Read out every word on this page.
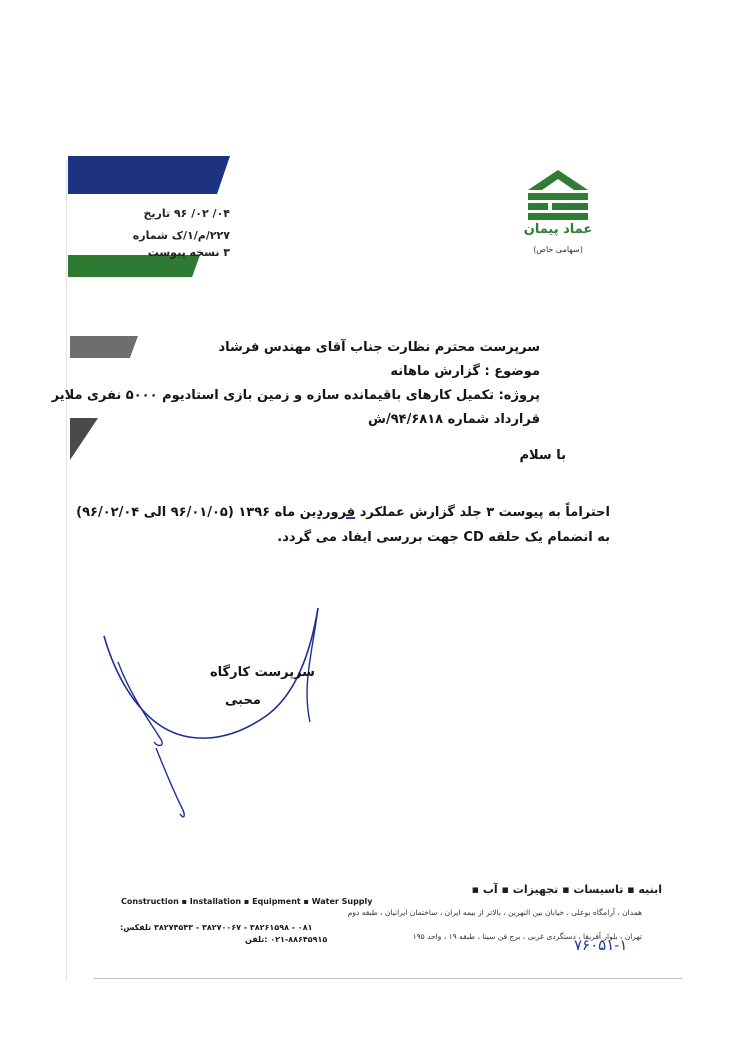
۰۴/ ۰۲/ ۹۶ تاریخ
۲۲۷/م/۱/ک شماره
۳ نسخه پیوست
عماد پیمان
(سهامی خاص)
سرپرست محترم نظارت جناب آقای مهندس فرشاد
موضوع : گزارش ماهانه
پروژه: تکمیل کارهای باقیمانده سازه و زمین بازی استادیوم ۵۰۰۰ نفری ملایر
قرارداد شماره ۹۴/۶۸۱۸/ش
با سلام
احتراماً به پیوست ۳ جلد گزارش عملکرد فروردین ماه ۱۳۹۶ (۹۶/۰۱/۰۵ الی ۹۶/۰۲/۰۴)
به انضمام یک حلقه CD جهت بررسی ایفاد می گردد.
سرپرست کارگاه
محبی
ابنیه ▪ تاسیسات ▪ تجهیزات ▪ آب ▪
Construction ▪ Installation ▪ Equipment ▪ Water Supply
همدان ، آرامگاه بوعلی ، خیابان بین النهرین ، بالاتر از بیمه ایران ، ساختمان ایرانیان ، طبقه دوم
تهران ، بلوار آفریقا ، دستگردی غربی ، برج فن سینا ، طبقه ۱۹ ، واحد ۱۹۵
۰۸۱ - ۳۸۲۶۱۵۹۸ - ۳۸۲۷۰۰۶۷ - ۳۸۲۷۴۵۴۳ تلفکس:
۰۲۱-۸۸۶۴۵۹۱۵ :تلفن	۷۶۰۵۱-۱
